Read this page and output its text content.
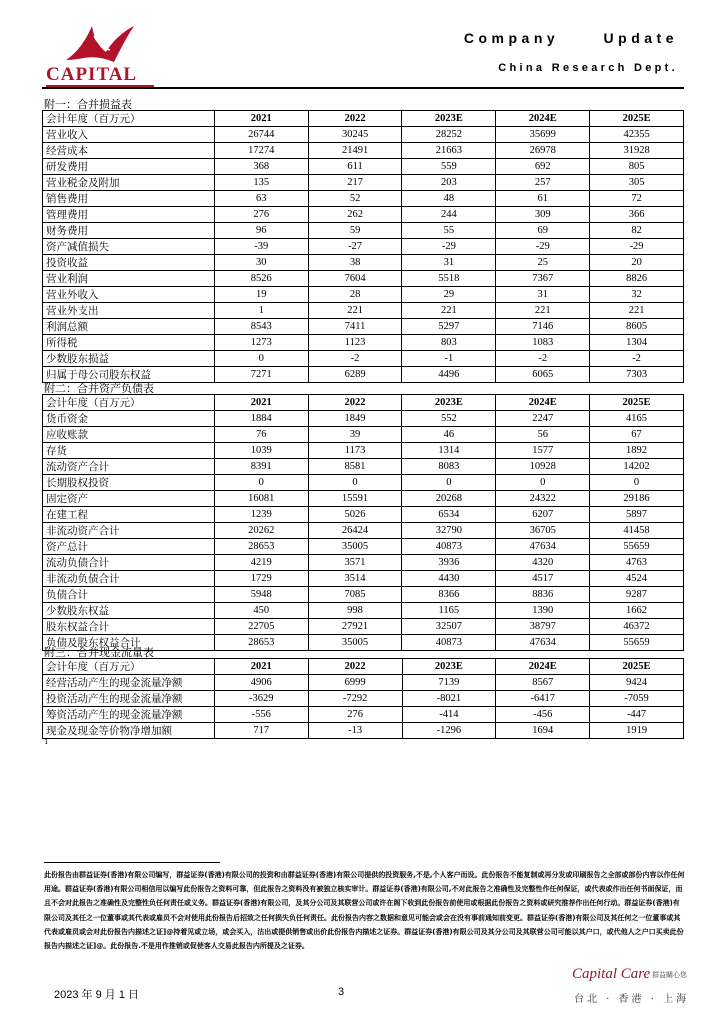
CAPITAL
Company Update
China Research Dept.
附一：合并损益表
会计年度（百万元）	2021	2022	2023E	2024E	2025E
营业收入	26744	30245	28252	35699	42355
经营成本	17274	21491	21663	26978	31928
研发费用	368	611	559	692	805
营业税金及附加	135	217	203	257	305
销售费用	63	52	48	61	72
管理费用	276	262	244	309	366
财务费用	96	59	55	69	82
资产减值损失	-39	-27	-29	-29	-29
投资收益	30	38	31	25	20
营业利润	8526	7604	5518	7367	8826
营业外收入	19	28	29	31	32
营业外支出	1	221	221	221	221
利润总额	8543	7411	5297	7146	8605
所得税	1273	1123	803	1083	1304
少数股东损益	0	-2	-1	-2	-2
归属于母公司股东权益	7271	6289	4496	6065	7303
附二：合并资产负债表
会计年度（百万元）	2021	2022	2023E	2024E	2025E
货币资金	1884	1849	552	2247	4165
应收账款	76	39	46	56	67
存货	1039	1173	1314	1577	1892
流动资产合计	8391	8581	8083	10928	14202
长期股权投资	0	0	0	0	0
固定资产	16081	15591	20268	24322	29186
在建工程	1239	5026	6534	6207	5897
非流动资产合计	20262	26424	32790	36705	41458
资产总计	28653	35005	40873	47634	55659
流动负债合计	4219	3571	3936	4320	4763
非流动负债合计	1729	3514	4430	4517	4524
负债合计	5948	7085	8366	8836	9287
少数股东权益	450	998	1165	1390	1662
股东权益合计	22705	27921	32507	38797	46372
负债及股东权益合计	28653	35005	40873	47634	55659
附三：合并现金流量表
会计年度（百万元）	2021	2022	2023E	2024E	2025E
经营活动产生的现金流量净额	4906	6999	7139	8567	9424
投资活动产生的现金流量净额	-3629	-7292	-8021	-6417	-7059
筹资活动产生的现金流量净额	-556	276	-414	-456	-447
现金及现金等价物净增加额	717	-13	-1296	1694	1919
1
此份报告由群益证券(香港)有限公司编写，群益证券(香港)有限公司的投资和由群益证券(香港)有限公司提供的投资服务,不是,个人客户而设。此份报告不能复制或再分发或印刷报告之全部或部份内容以作任何用途。群益证券(香港)有限公司相信用以编写此份报告之资料可靠，但此报告之资料没有被独立核实审计。群益证券(香港)有限公司,不对此报告之准确性及完整性作任何保证，或代表或作出任何书面保证，而且不会对此报告之准确性及完整性负任何责任或义务。群益证券(香港)有限公司，及其分公司及其联营公司或许在阁下收到此份报告前使用或根据此份报告之资料或研究推荐作出任何行动。群益证券(香港)有限公司及其任之一位董事或其代表或雇员不会对使用此份报告后招致之任何损失负任何责任。此份报告内容之数据和意见可能会或会在没有事前通知前变更。群益证券(香港)有限公司及其任何之一位董事或其代表或雇员或会对此份报告内描述之证]@持着见或立场，或会买入，沽出或提供销售或出价此份报告内描述之证券。群益证券(香港)有限公司及其分公司及其联营公司可能以其户口，或代他人之户口买卖此份报告内描述之证]@。此份报告.不是用作推销或促使客人交易此报告内所提及之证券。
Capital Care 群益關心您
台北 · 香港 · 上海
2023 年 9 月 1 日	3
